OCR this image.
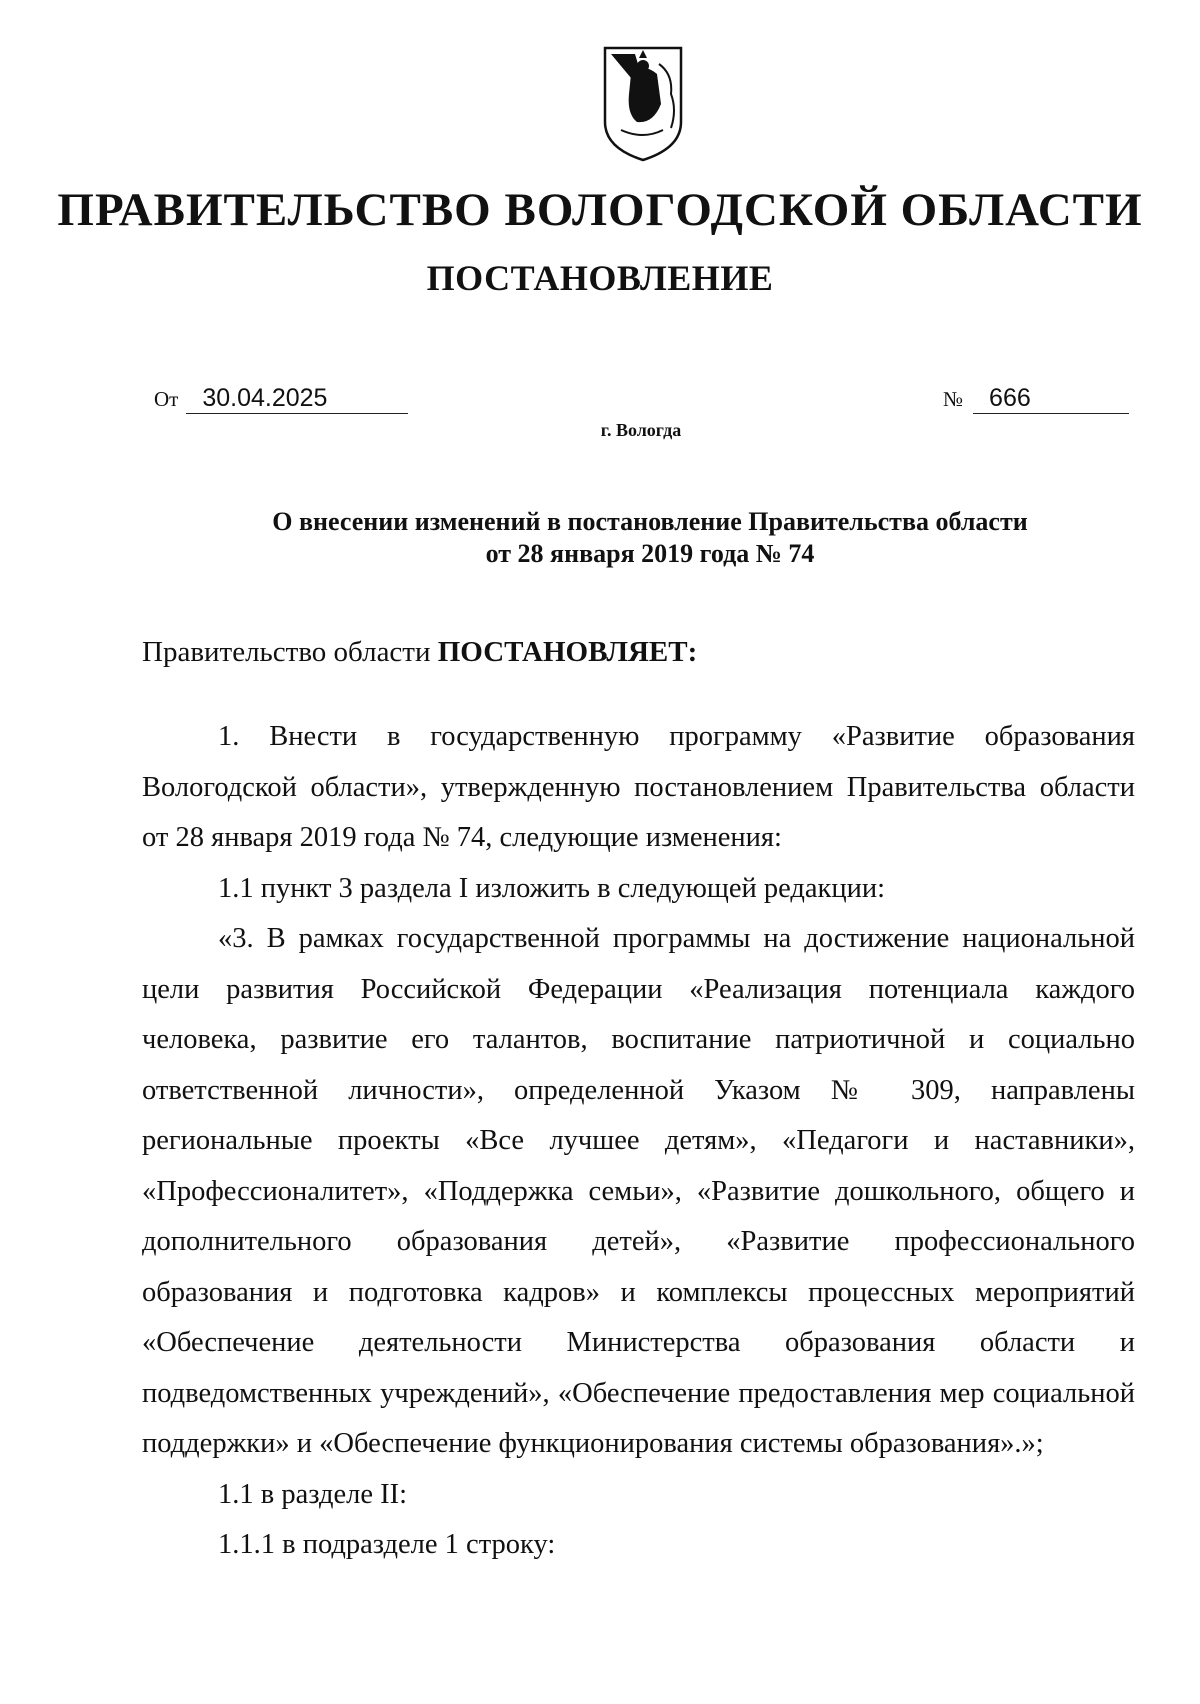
ПРАВИТЕЛЬСТВО ВОЛОГОДСКОЙ ОБЛАСТИ
ПОСТАНОВЛЕНИЕ
От 30.04.2025	№ 666
г. Вологда
О внесении изменений в постановление Правительства области
от 28 января 2019 года № 74
Правительство области ПОСТАНОВЛЯЕТ:

1. Внести в государственную программу «Развитие образования Вологодской области», утвержденную постановлением Правительства области от 28 января 2019 года № 74, следующие изменения:

1.1 пункт 3 раздела I изложить в следующей редакции:

«3. В рамках государственной программы на достижение национальной цели развития Российской Федерации «Реализация потенциала каждого человека, развитие его талантов, воспитание патриотичной и социально ответственной личности», определенной Указом № 309, направлены региональные проекты «Все лучшее детям», «Педагоги и наставники», «Профессионалитет», «Поддержка семьи», «Развитие дошкольного, общего и дополнительного образования детей», «Развитие профессионального образования и подготовка кадров» и комплексы процессных мероприятий «Обеспечение деятельности Министерства образования области и подведомственных учреждений», «Обеспечение предоставления мер социальной поддержки» и «Обеспечение функционирования системы образования».»;

1.1 в разделе II:

1.1.1 в подразделе 1 строку:
